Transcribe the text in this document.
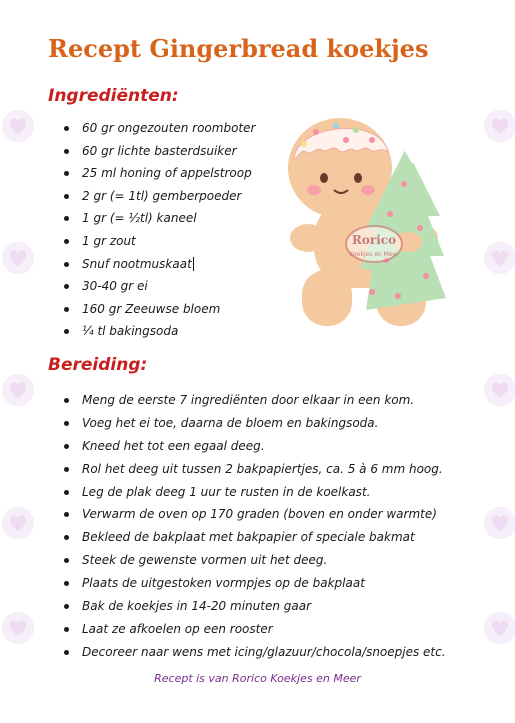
Recept Gingerbread koekjes
Ingrediënten:
60 gr ongezouten roomboter
60 gr lichte basterdsuiker
25 ml honing of appelstroop
2 gr (= 1tl) gemberpoeder
1 gr (= ½tl) kaneel
1 gr zout
Snuf nootmuskaat
30-40 gr ei
160 gr Zeeuwse bloem
¼ tl bakingsoda
Rorico
Koekjes en Meer
Bereiding:
Meng de eerste 7 ingrediënten door elkaar in een kom.
Voeg het ei toe, daarna de bloem en bakingsoda.
Kneed het tot een egaal deeg.
Rol het deeg uit tussen 2 bakpapiertjes, ca. 5 à 6 mm hoog.
Leg de plak deeg 1 uur te rusten in de koelkast.
Verwarm de oven op 170 graden (boven en onder warmte)
Bekleed de bakplaat met bakpapier of speciale bakmat
Steek de gewenste vormen uit het deeg.
Plaats de uitgestoken vormpjes op de bakplaat
Bak de koekjes in 14-20 minuten gaar
Laat ze afkoelen op een rooster
Decoreer naar wens met icing/glazuur/chocola/snoepjes etc.
Recept is van Rorico Koekjes en Meer
